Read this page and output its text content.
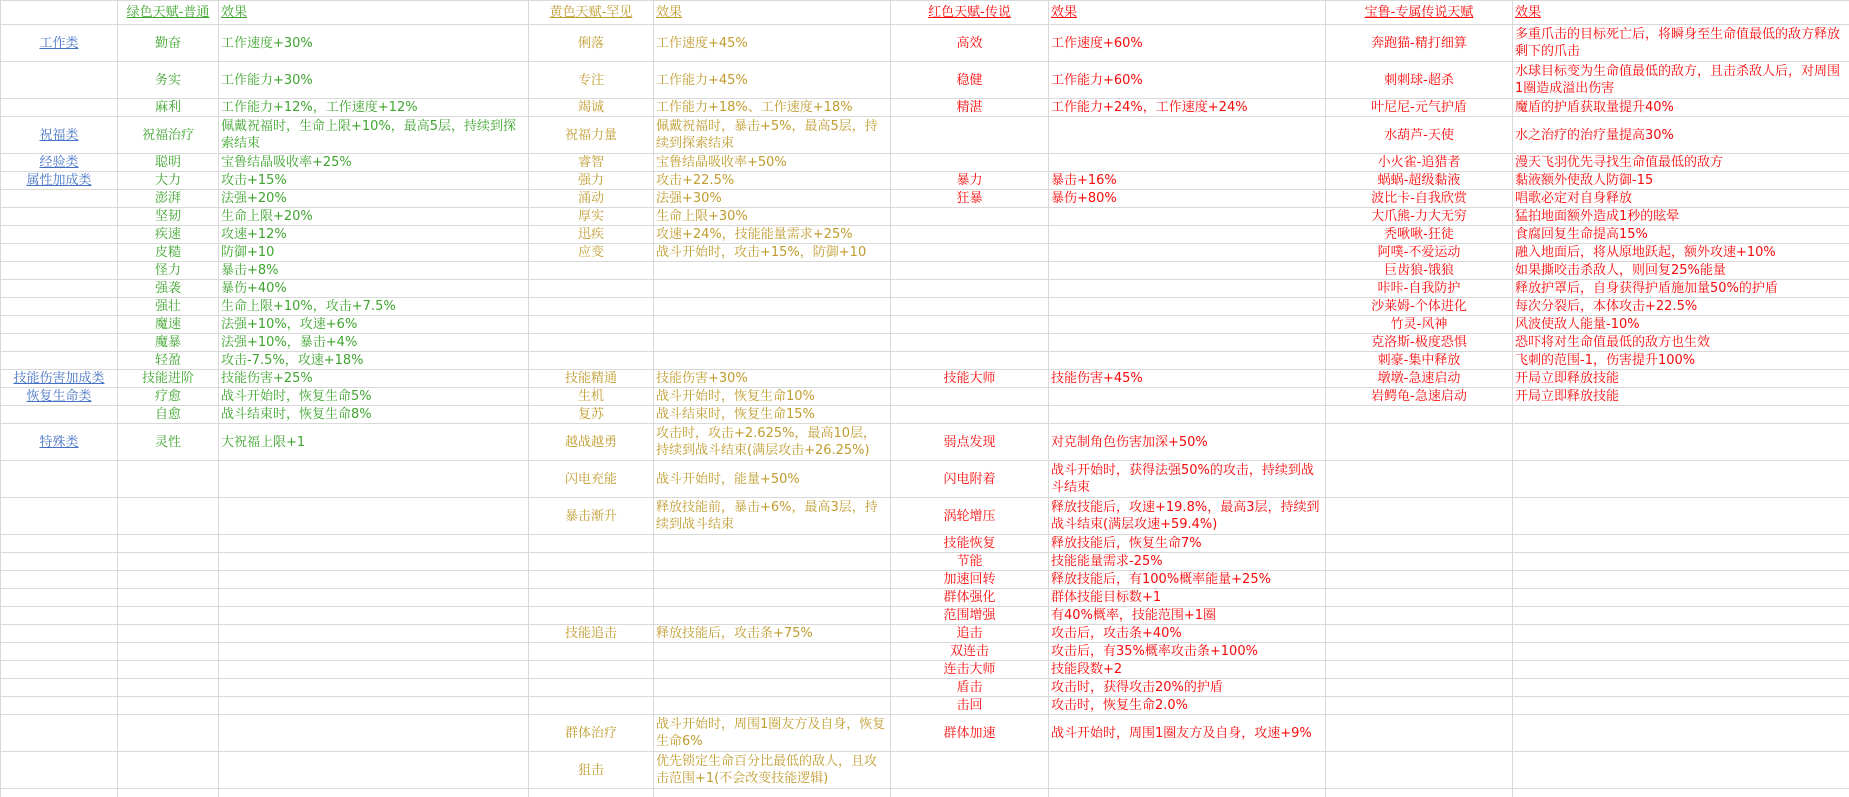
	绿色天赋-普通	效果	黄色天赋-罕见	效果	红色天赋-传说	效果	宝鲁-专属传说天赋	效果
工作类	勤奋	工作速度+30%	俐落	工作速度+45%	高效	工作速度+60%	奔跑猫-精打细算	多重爪击的目标死亡后，将瞬身至生命值最低的敌方释放剩下的爪击
	务实	工作能力+30%	专注	工作能力+45%	稳健	工作能力+60%	刺刺球-超杀	水球目标变为生命值最低的敌方，且击杀敌人后，对周围1圈造成溢出伤害
	麻利	工作能力+12%，工作速度+12%	竭诚	工作能力+18%、工作速度+18%	精湛	工作能力+24%，工作速度+24%	叶尼尼-元气护盾	魔盾的护盾获取量提升40%
祝福类	祝福治疗	佩戴祝福时，生命上限+10%，最高5层，持续到探索结束	祝福力量	佩戴祝福时，暴击+5%，最高5层，持续到探索结束			水葫芦-天使	水之治疗的治疗量提高30%
经验类	聪明	宝鲁结晶吸收率+25%	睿智	宝鲁结晶吸收率+50%			小火雀-追猎者	漫天飞羽优先寻找生命值最低的敌方
属性加成类	大力	攻击+15%	强力	攻击+22.5%	暴力	暴击+16%	蜗蜗-超级黏液	黏液额外使敌人防御-15
	澎湃	法强+20%	涌动	法强+30%	狂暴	暴伤+80%	波比卡-自我欣赏	唱歌必定对自身释放
	坚韧	生命上限+20%	厚实	生命上限+30%			大爪熊-力大无穷	猛拍地面额外造成1秒的眩晕
	疾速	攻速+12%	迅疾	攻速+24%，技能能量需求+25%			秃啾啾-狂徒	食腐回复生命提高15%
	皮糙	防御+10	应变	战斗开始时，攻击+15%，防御+10			阿噗-不爱运动	融入地面后，将从原地跃起，额外攻速+10%
	怪力	暴击+8%					巨齿狼-饿狼	如果撕咬击杀敌人，则回复25%能量
	强袭	暴伤+40%					咔咔-自我防护	释放护罩后，自身获得护盾施加量50%的护盾
	强壮	生命上限+10%，攻击+7.5%					沙莱姆-个体进化	每次分裂后，本体攻击+22.5%
	魔速	法强+10%，攻速+6%					竹灵-风神	风波使敌人能量-10%
	魔暴	法强+10%，暴击+4%					克洛斯-极度恐惧	恐吓将对生命值最低的敌方也生效
	轻盈	攻击-7.5%，攻速+18%					刺豪-集中释放	飞刺的范围-1，伤害提升100%
技能伤害加成类	技能进阶	技能伤害+25%	技能精通	技能伤害+30%	技能大师	技能伤害+45%	墩墩-急速启动	开局立即释放技能
恢复生命类	疗愈	战斗开始时，恢复生命5%	生机	战斗开始时，恢复生命10%			岩鳄龟-急速启动	开局立即释放技能
	自愈	战斗结束时，恢复生命8%	复苏	战斗结束时，恢复生命15%				
特殊类	灵性	大祝福上限+1	越战越勇	攻击时，攻击+2.625%，最高10层，持续到战斗结束(满层攻击+26.25%)	弱点发现	对克制角色伤害加深+50%		
			闪电充能	战斗开始时，能量+50%	闪电附着	战斗开始时，获得法强50%的攻击，持续到战斗结束		
			暴击渐升	释放技能前，暴击+6%，最高3层，持续到战斗结束	涡轮增压	释放技能后，攻速+19.8%，最高3层，持续到战斗结束(满层攻速+59.4%)		
					技能恢复	释放技能后，恢复生命7%		
					节能	技能能量需求-25%		
					加速回转	释放技能后，有100%概率能量+25%		
					群体强化	群体技能目标数+1		
					范围增强	有40%概率，技能范围+1圈		
			技能追击	释放技能后，攻击条+75%	追击	攻击后，攻击条+40%		
					双连击	攻击后，有35%概率攻击条+100%		
					连击大师	技能段数+2		
					盾击	攻击时，获得攻击20%的护盾		
					击回	攻击时，恢复生命2.0%		
			群体治疗	战斗开始时，周围1圈友方及自身，恢复生命6%	群体加速	战斗开始时，周围1圈友方及自身，攻速+9%		
			狙击	优先锁定生命百分比最低的敌人，且攻击范围+1(不会改变技能逻辑)				
